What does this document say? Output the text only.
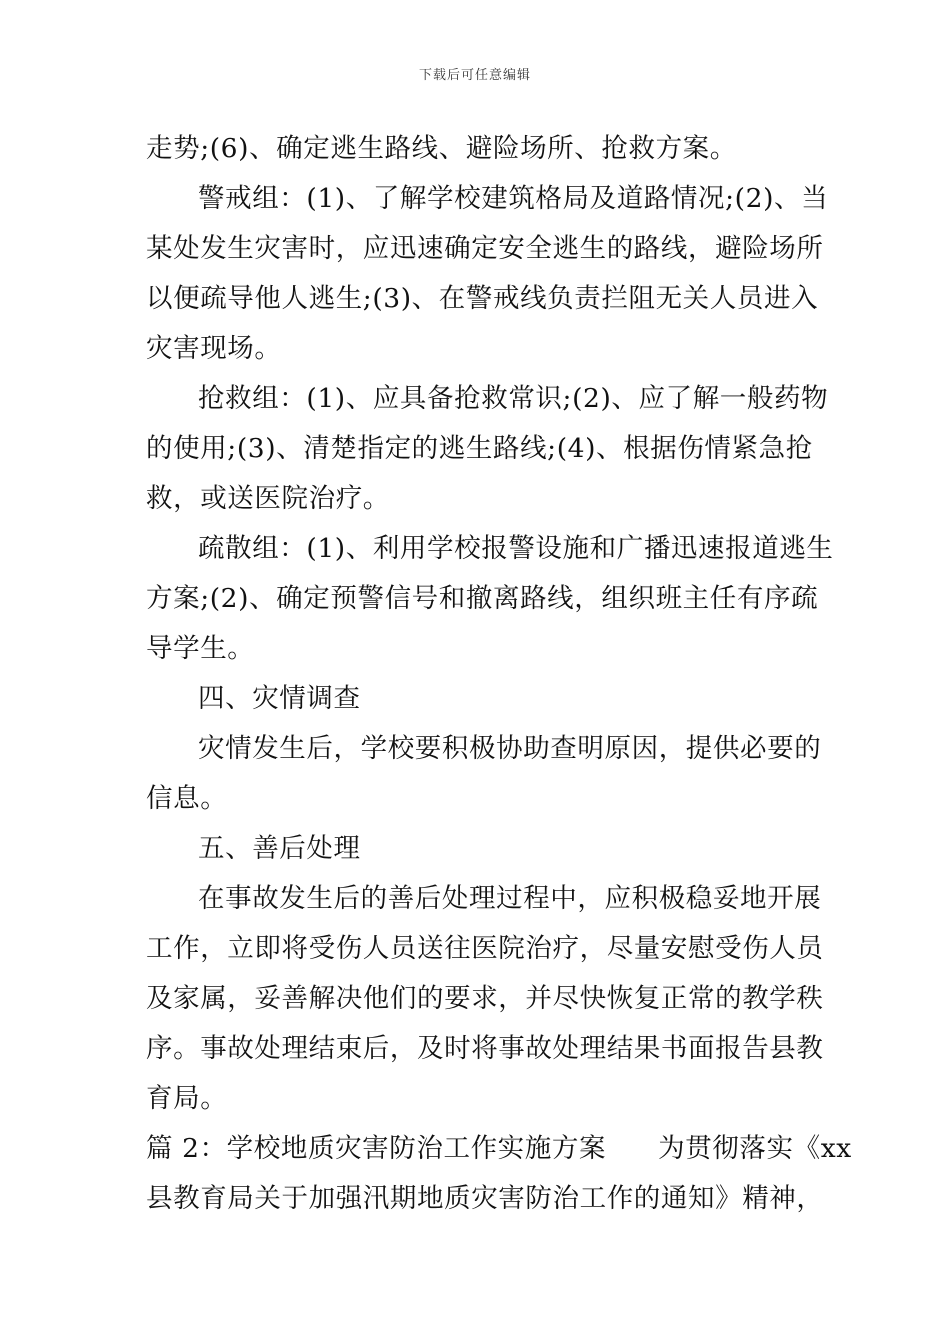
下载后可任意编辑
走势;(6)、确定逃生路线、避险场所、抢救方案。
警戒组：(1)、了解学校建筑格局及道路情况;(2)、当
某处发生灾害时，应迅速确定安全逃生的路线，避险场所
以便疏导他人逃生;(3)、在警戒线负责拦阻无关人员进入
灾害现场。
抢救组：(1)、应具备抢救常识;(2)、应了解一般药物
的使用;(3)、清楚指定的逃生路线;(4)、根据伤情紧急抢
救，或送医院治疗。
疏散组：(1)、利用学校报警设施和广播迅速报道逃生
方案;(2)、确定预警信号和撤离路线，组织班主任有序疏
导学生。
四、灾情调查
灾情发生后，学校要积极协助查明原因，提供必要的
信息。
五、善后处理
在事故发生后的善后处理过程中，应积极稳妥地开展
工作，立即将受伤人员送往医院治疗，尽量安慰受伤人员
及家属，妥善解决他们的要求，并尽快恢复正常的教学秩
序。事故处理结束后，及时将事故处理结果书面报告县教
育局。
篇 2：学校地质灾害防治工作实施方案 为贯彻落实《xx
县教育局关于加强汛期地质灾害防治工作的通知》精神，
